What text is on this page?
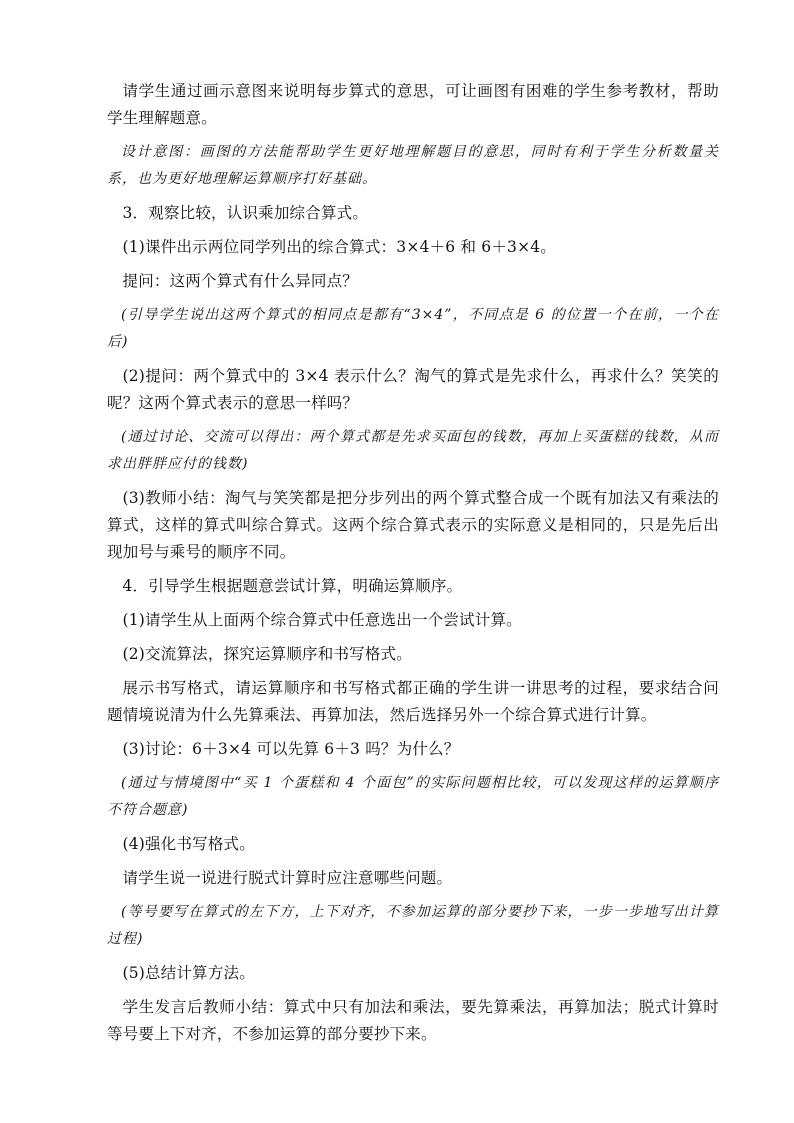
请学生通过画示意图来说明每步算式的意思，可让画图有困难的学生参考教材，帮助学生理解题意。

设计意图：画图的方法能帮助学生更好地理解题目的意思，同时有利于学生分析数量关系，也为更好地理解运算顺序打好基础。

3．观察比较，认识乘加综合算式。

(1)课件出示两位同学列出的综合算式：3×4＋6 和 6＋3×4。

提问：这两个算式有什么异同点？

(引导学生说出这两个算式的相同点是都有“3×4”，不同点是 6 的位置一个在前，一个在后)

(2)提问：两个算式中的 3×4 表示什么？淘气的算式是先求什么，再求什么？笑笑的呢？这两个算式表示的意思一样吗？

(通过讨论、交流可以得出：两个算式都是先求买面包的钱数，再加上买蛋糕的钱数，从而求出胖胖应付的钱数)

(3)教师小结：淘气与笑笑都是把分步列出的两个算式整合成一个既有加法又有乘法的算式，这样的算式叫综合算式。这两个综合算式表示的实际意义是相同的，只是先后出现加号与乘号的顺序不同。

4．引导学生根据题意尝试计算，明确运算顺序。

(1)请学生从上面两个综合算式中任意选出一个尝试计算。

(2)交流算法，探究运算顺序和书写格式。

展示书写格式，请运算顺序和书写格式都正确的学生讲一讲思考的过程，要求结合问题情境说清为什么先算乘法、再算加法，然后选择另外一个综合算式进行计算。

(3)讨论：6＋3×4 可以先算 6＋3 吗？为什么？

(通过与情境图中“买 1 个蛋糕和 4 个面包”的实际问题相比较，可以发现这样的运算顺序不符合题意)

(4)强化书写格式。

请学生说一说进行脱式计算时应注意哪些问题。

(等号要写在算式的左下方，上下对齐，不参加运算的部分要抄下来，一步一步地写出计算过程)

(5)总结计算方法。

学生发言后教师小结：算式中只有加法和乘法，要先算乘法，再算加法；脱式计算时等号要上下对齐，不参加运算的部分要抄下来。
